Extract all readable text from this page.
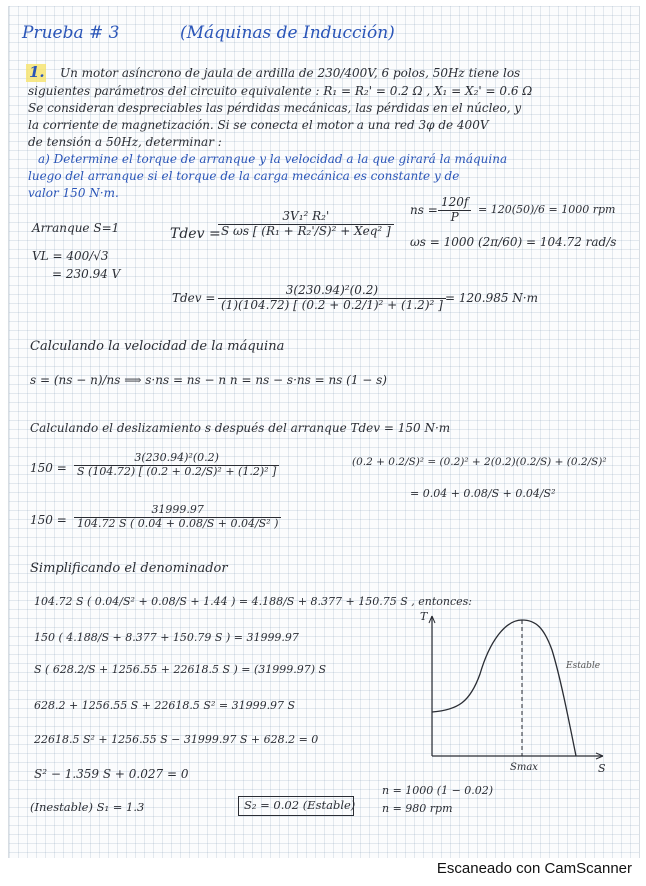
Prueba # 3	(Máquinas de Inducción)
1. Un motor asíncrono de jaula de ardilla de 230/400V, 6 polos, 50Hz tiene los
siguientes parámetros del circuito equivalente : R₁ = R₂' = 0.2 Ω , X₁ = X₂' = 0.6 Ω
Se consideran despreciables las pérdidas mecánicas, las pérdidas en el núcleo, y
la corriente de magnetización. Si se conecta el motor a una red 3φ de 400V
de tensión a 50Hz, determinar :
a) Determine el torque de arranque y la velocidad a la que girará la máquina
luego del arranque si el torque de la carga mecánica es constante y de
valor 150 N·m.
Arranque S=1
VL = 400/√3
= 230.94 V
Tdev =
3V₁² R₂'
S ωs [ (R₁ + R₂'/S)² + Xeq² ]
ns = $\frac{120f}{P} = 120(50)/6 = 1000$ rpm
ωs = 1000 (2π/60) = 104.72 rad/s
Tdev = $\frac{\text{3(230.94)²(0.2)}}{\text{(1)(104.72) [ (0.2 + 0.2/1)² + (1.2)² ]}} = 120.985$ N·m
Calculando la velocidad de la máquina
s = (ns − n)/ns ⟹ s·ns = ns − n n = ns − s·ns = ns (1 − s)
Calculando el deslizamiento s después del arranque Tdev = 150 N·m
$150 = \frac{\text{3(230.94)²(0.2)}}{\text{S (104.72) [ (0.2 + 0.2/S)² + (1.2)² ]}}$	(0.2 + 0.2/S)² = (0.2)² + 2(0.2)(0.2/S) + (0.2/S)²
= 0.04 + 0.08/S + 0.04/S²
$150 = \frac{31999.97}{\text{104.72 S ( 0.04 + 0.08/S + 0.04/S² )}}$
Simplificando el denominador
104.72 S ( 0.04/S² + 0.08/S + 1.44 ) = 4.188/S + 8.377 + 150.75 S , entonces:
150 ( 4.188/S + 8.377 + 150.79 S ) = 31999.97
S ( 628.2/S + 1256.55 + 22618.5 S ) = (31999.97) S
628.2 + 1256.55 S + 22618.5 S² = 31999.97 S
22618.5 S² + 1256.55 S − 31999.97 S + 628.2 = 0
S² − 1.359 S + 0.027 = 0
(Inestable) S₁ = 1.3	S₂ = 0.02 (Estable)
n = 1000 (1 − 0.02)
n = 980 rpm
T
S
Smax
Estable
Escaneado con CamScanner
